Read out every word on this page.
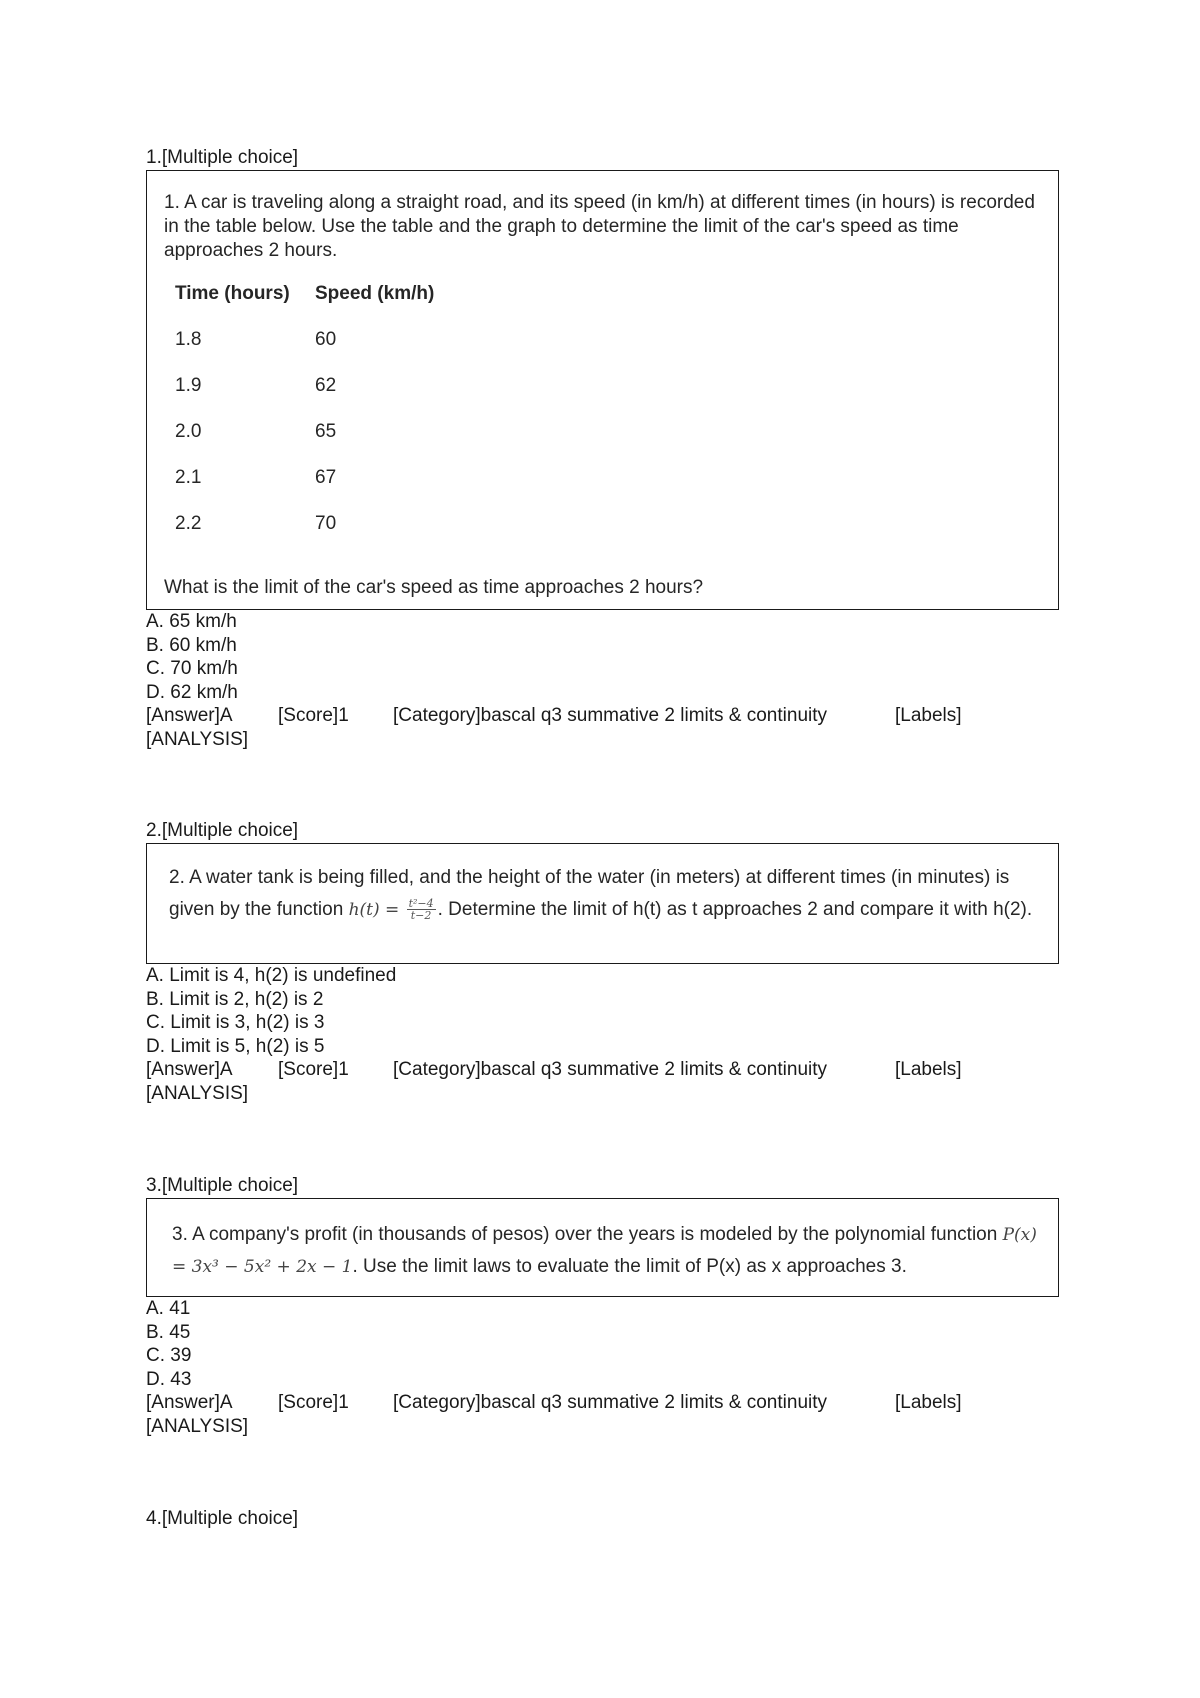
1.[Multiple choice]
1. A car is traveling along a straight road, and its speed (in km/h) at different times (in hours) is recorded in the table below. Use the table and the graph to determine the limit of the car's speed as time approaches 2 hours.
Time (hours) Speed (km/h)
1.8	60
1.9	62
2.0	65
2.1	67
2.2	70
What is the limit of the car's speed as time approaches 2 hours?
A. 65 km/h
B. 60 km/h
C. 70 km/h
D. 62 km/h
[Answer]A [Score]1 [Category]bascal q3 summative 2 limits & continuity	[Labels]
[ANALYSIS]
2.[Multiple choice]
2. A water tank is being filled, and the height of the water (in meters) at different times (in minutes) is given by the function $h(t) = \frac{\text{t²−4}}{t-2}$ . Determine the limit of h(t) as t approaches 2 and compare it with h(2).
A. Limit is 4, h(2) is undefined
B. Limit is 2, h(2) is 2
C. Limit is 3, h(2) is 3
D. Limit is 5, h(2) is 5
[Answer]A [Score]1 [Category]bascal q3 summative 2 limits & continuity	[Labels]
[ANALYSIS]
3.[Multiple choice]
3. A company's profit (in thousands of pesos) over the years is modeled by the polynomial function P(x) = 3x³ − 5x² + 2x − 1. Use the limit laws to evaluate the limit of P(x) as x approaches 3.
A. 41
B. 45
C. 39
D. 43
[Answer]A [Score]1 [Category]bascal q3 summative 2 limits & continuity	[Labels]
[ANALYSIS]
4.[Multiple choice]
